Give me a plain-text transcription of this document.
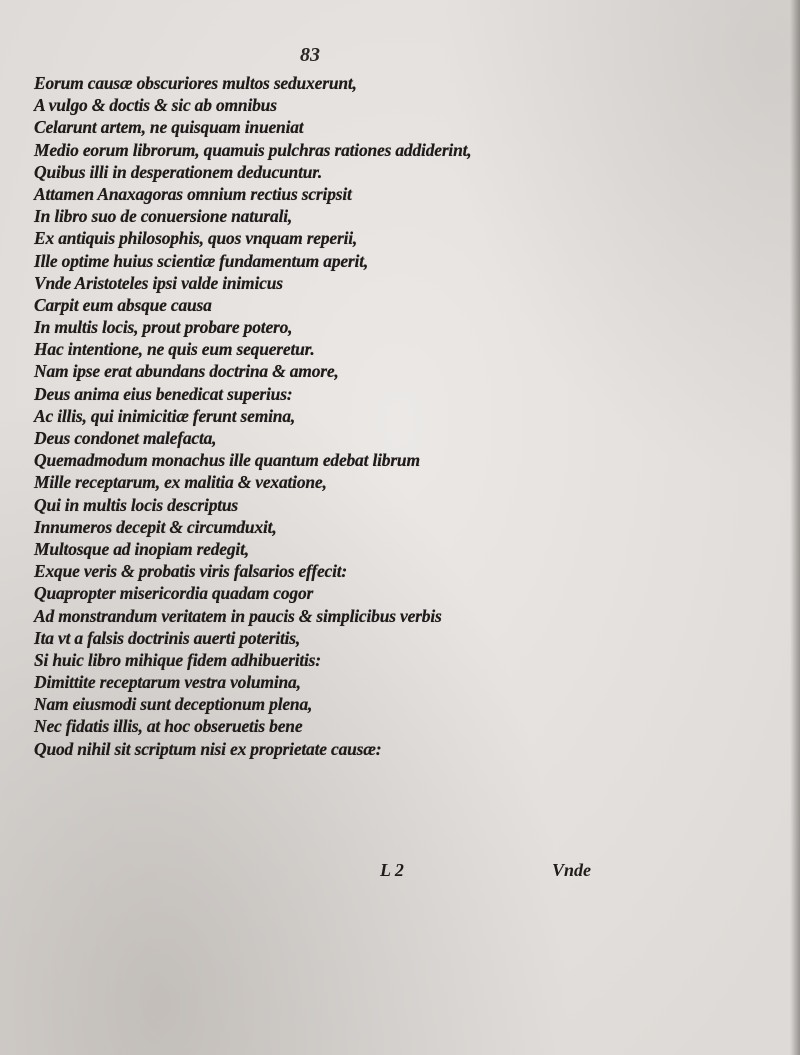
83
Eorum causæ obscuriores multos seduxerunt,
A vulgo & doctis & sic ab omnibus
Celarunt artem, ne quisquam inueniat
Medio eorum librorum, quamuis pulchras rationes addiderint,
Quibus illi in desperationem deducuntur.
Attamen Anaxagoras omnium rectius scripsit
In libro suo de conuersione naturali,
Ex antiquis philosophis, quos vnquam reperii,
Ille optime huius scientiæ fundamentum aperit,
Vnde Aristoteles ipsi valde inimicus
Carpit eum absque causa
In multis locis, prout probare potero,
Hac intentione, ne quis eum sequeretur.
Nam ipse erat abundans doctrina & amore,
Deus anima eius benedicat superius:
Ac illis, qui inimicitiæ ferunt semina,
Deus condonet malefacta,
Quemadmodum monachus ille quantum edebat librum
Mille receptarum, ex malitia & vexatione,
Qui in multis locis descriptus
Innumeros decepit & circumduxit,
Multosque ad inopiam redegit,
Exque veris & probatis viris falsarios effecit:
Quapropter misericordia quadam cogor
Ad monstrandum veritatem in paucis & simplicibus verbis
Ita vt a falsis doctrinis auerti poteritis,
Si huic libro mihique fidem adhibueritis:
Dimittite receptarum vestra volumina,
Nam eiusmodi sunt deceptionum plena,
Nec fidatis illis, at hoc obseruetis bene
Quod nihil sit scriptum nisi ex proprietate causæ:
L 2	Vnde
